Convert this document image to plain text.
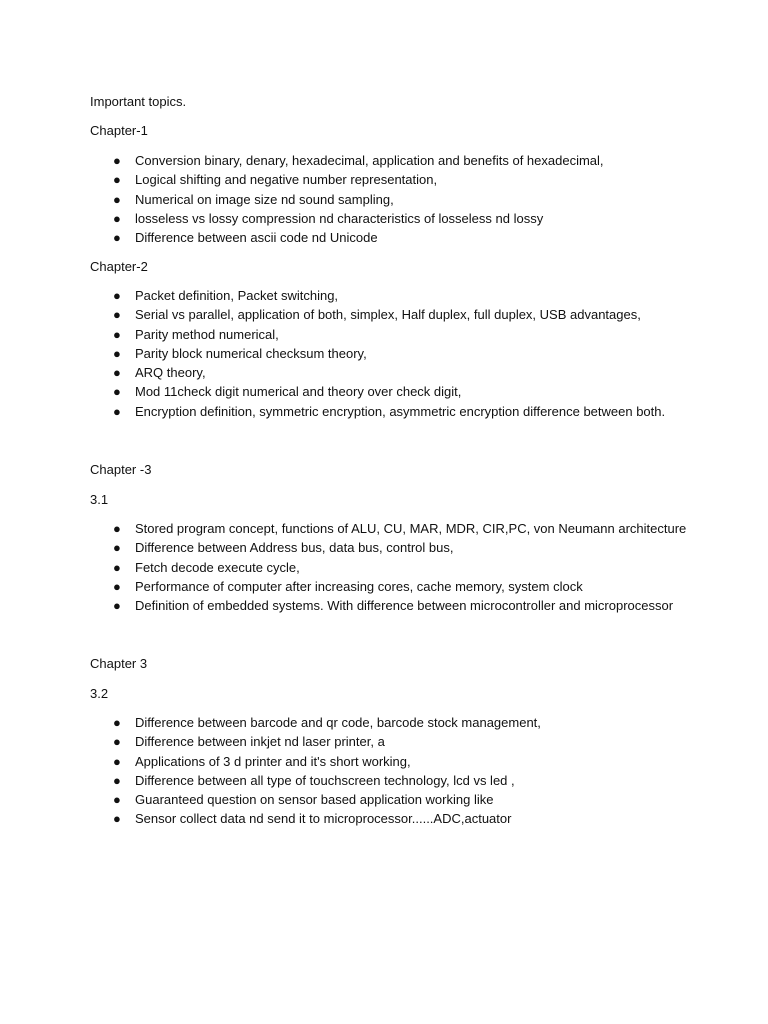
Important topics.
Chapter-1
● Conversion binary, denary, hexadecimal, application and benefits of hexadecimal,
● Logical shifting and negative number representation,
● Numerical on image size nd sound sampling,
● losseless vs lossy compression nd characteristics of losseless nd lossy
● Difference between ascii code nd Unicode
Chapter-2
● Packet definition, Packet switching,
● Serial vs parallel, application of both, simplex, Half duplex, full duplex, USB advantages,
● Parity method numerical,
● Parity block numerical checksum theory,
● ARQ theory,
● Mod 11check digit numerical and theory over check digit,
● Encryption definition, symmetric encryption, asymmetric encryption difference between both.
Chapter -3
3.1
● Stored program concept, functions of ALU, CU, MAR, MDR, CIR,PC, von Neumann architecture
● Difference between Address bus, data bus, control bus,
● Fetch decode execute cycle,
● Performance of computer after increasing cores, cache memory, system clock
● Definition of embedded systems. With difference between microcontroller and microprocessor
Chapter 3
3.2
● Difference between barcode and qr code, barcode stock management,
● Difference between inkjet nd laser printer, a
● Applications of 3 d printer and it's short working,
● Difference between all type of touchscreen technology, lcd vs led ,
● Guaranteed question on sensor based application working like
● Sensor collect data nd send it to microprocessor......ADC,actuator
